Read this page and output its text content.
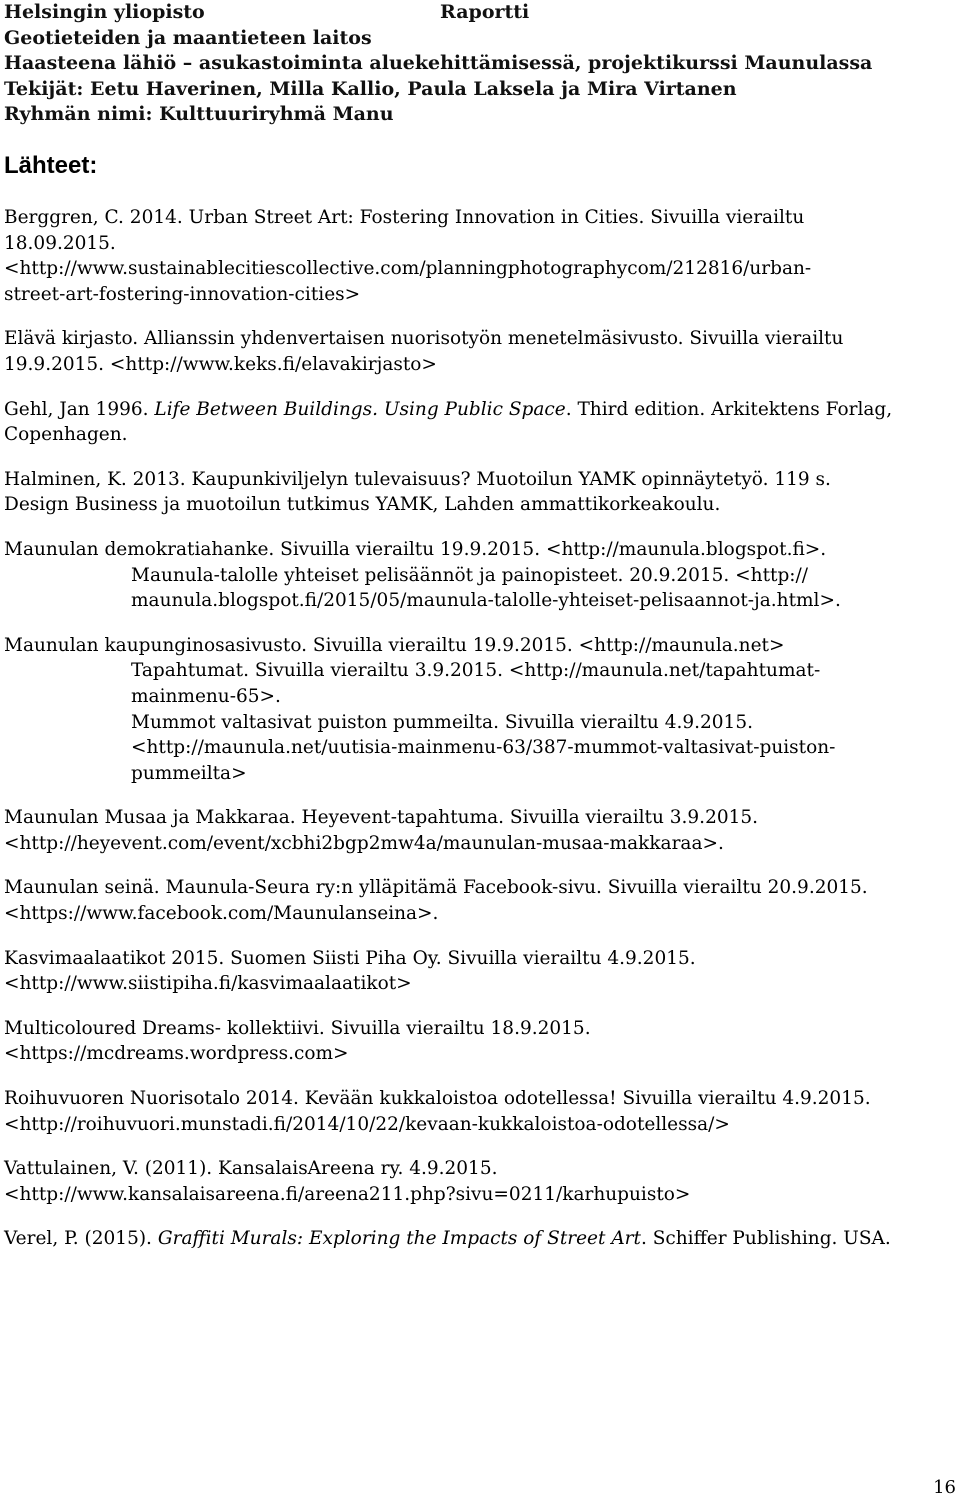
Helsingin yliopisto	Raportti
Geotieteiden ja maantieteen laitos
Haasteena lähiö – asukastoiminta aluekehittämisessä, projektikurssi Maunulassa
Tekijät: Eetu Haverinen, Milla Kallio, Paula Laksela ja Mira Virtanen
Ryhmän nimi: Kulttuuriryhmä Manu
Lähteet:
Berggren, C. 2014. Urban Street Art: Fostering Innovation in Cities. Sivuilla vierailtu
18.09.2015.
<http://www.sustainablecitiescollective.com/planningphotographycom/212816/urban-
street-art-fostering-innovation-cities>
Elävä kirjasto. Allianssin yhdenvertaisen nuorisotyön menetelmäsivusto. Sivuilla vierailtu
19.9.2015. <http://www.keks.fi/elavakirjasto>
Gehl, Jan 1996. Life Between Buildings. Using Public Space. Third edition. Arkitektens Forlag,
Copenhagen.
Halminen, K. 2013. Kaupunkiviljelyn tulevaisuus? Muotoilun YAMK opinnäytetyö. 119 s.
Design Business ja muotoilun tutkimus YAMK, Lahden ammattikorkeakoulu.
Maunulan demokratiahanke. Sivuilla vierailtu 19.9.2015. <http://maunula.blogspot.fi>.
Maunula-talolle yhteiset pelisäännöt ja painopisteet. 20.9.2015. <http://
maunula.blogspot.fi/2015/05/maunula-talolle-yhteiset-pelisaannot-ja.html>.
Maunulan kaupunginosasivusto. Sivuilla vierailtu 19.9.2015. <http://maunula.net>
Tapahtumat. Sivuilla vierailtu 3.9.2015. <http://maunula.net/tapahtumat-
mainmenu-65>.
Mummot valtasivat puiston pummeilta. Sivuilla vierailtu 4.9.2015.
<http://maunula.net/uutisia-mainmenu-63/387-mummot-valtasivat-puiston-
pummeilta>
Maunulan Musaa ja Makkaraa. Heyevent-tapahtuma. Sivuilla vierailtu 3.9.2015.
<http://heyevent.com/event/xcbhi2bgp2mw4a/maunulan-musaa-makkaraa>.
Maunulan seinä. Maunula-Seura ry:n ylläpitämä Facebook-sivu. Sivuilla vierailtu 20.9.2015.
<https://www.facebook.com/Maunulanseina>.
Kasvimaalaatikot 2015. Suomen Siisti Piha Oy. Sivuilla vierailtu 4.9.2015.
<http://www.siistipiha.fi/kasvimaalaatikot>
Multicoloured Dreams- kollektiivi. Sivuilla vierailtu 18.9.2015.
<https://mcdreams.wordpress.com>
Roihuvuoren Nuorisotalo 2014. Kevään kukkaloistoa odotellessa! Sivuilla vierailtu 4.9.2015.
<http://roihuvuori.munstadi.fi/2014/10/22/kevaan-kukkaloistoa-odotellessa/>
Vattulainen, V. (2011). KansalaisAreena ry. 4.9.2015.
<http://www.kansalaisareena.fi/areena211.php?sivu=0211/karhupuisto>
Verel, P. (2015). Graffiti Murals: Exploring the Impacts of Street Art. Schiffer Publishing. USA.
16
